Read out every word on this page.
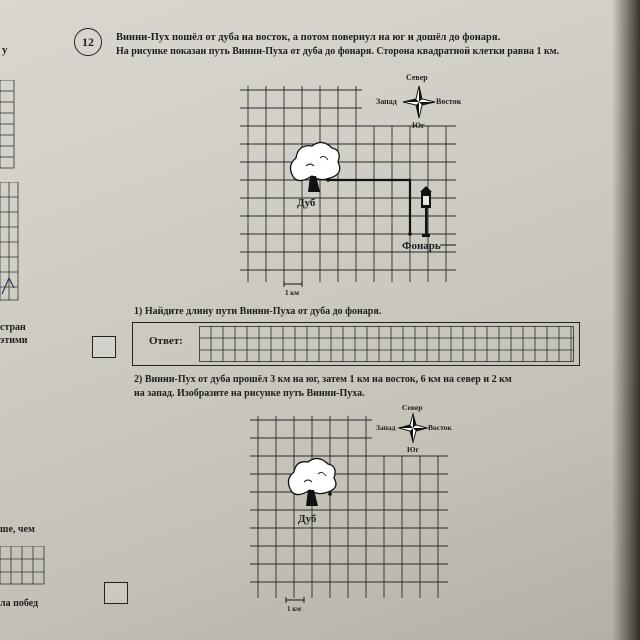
у
стран
этими
ше, чем
ла побед
12	Винни-Пух пошёл от дуба на восток, а потом повернул на юг и дошёл до фонаря.
На рисунке показан путь Винни-Пуха от дуба до фонаря. Сторона квадратной клетки равна 1 км.
Север
Запад	Восток
Юг
Дуб
Фонарь
1 км
1) Найдите длину пути Винни-Пуха от дуба до фонаря.
Ответ:
2) Винни-Пух от дуба прошёл 3 км на юг, затем 1 км на восток, 6 км на север и 2 км
на запад. Изобразите на рисунке путь Винни-Пуха.
Север
Запад	Восток
Юг
Дуб
1 км
